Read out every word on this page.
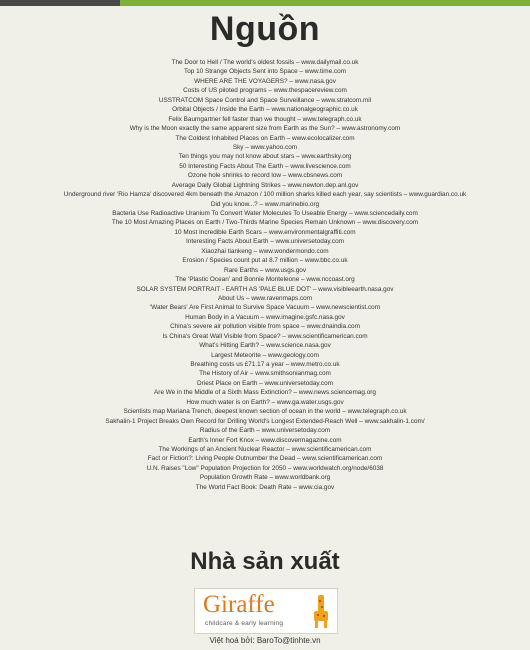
Nguồn
The Door to Hell / The world's oldest fossils – www.dailymail.co.uk
Top 10 Strange Objects Sent into Space – www.time.com
WHERE ARE THE VOYAGERS? – www.nasa.gov
Costs of US piloted programs – www.thespacereview.com
USSTRATCOM Space Control and Space Surveillance – www.stratcom.mil
Orbital Objects / Inside the Earth – www.nationalgeographic.co.uk
Felix Baumgartner fell faster than we thought – www.telegraph.co.uk
Why is the Moon exactly the same apparent size from Earth as the Sun? – www.astronomy.com
The Coldest Inhabited Places on Earth – www.ecolocalizer.com
Sky – www.yahoo.com
Ten things you may not know about stars – www.earthsky.org
50 Interesting Facts About The Earth – www.livescience.com
Ozone hole shrinks to record low – www.cbsnews.com
Average Daily Global Lightning Strikes – www.newton.dep.anl.gov
Underground river 'Rio Hamza' discovered 4km beneath the Amazon / 100 million sharks killed each year, say scientists – www.guardian.co.uk
Did you know...? – www.marinebio.org
Bacteria Use Radioactive Uranium To Convert Water Molecules To Useable Energy – www.sciencedaily.com
The 10 Most Amazing Places on Earth / Two-Thirds Marine Species Remain Unknown – www.discovery.com
10 Most Incredible Earth Scars – www.environmentalgraffiti.com
Interesting Facts About Earth – www.universetoday.com
Xiaozhai tiankeng – www.wondermondo.com
Erosion / Species count put at 8.7 million – www.bbc.co.uk
Rare Earths – www.usgs.gov
The 'Plastic Ocean' and Bonnie Monteleone – www.nccoast.org
SOLAR SYSTEM PORTRAIT - EARTH AS 'PALE BLUE DOT' – www.visibleearth.nasa.gov
About Us – www.ravenmaps.com
'Water Bears' Are First Animal to Survive Space Vacuum – www.newscientist.com
Human Body in a Vacuum – www.imagine.gsfc.nasa.gov
China's severe air pollution visible from space – www.dnaindia.com
Is China's Great Wall Visible from Space? – www.scientificamerican.com
What's Hitting Earth? – www.science.nasa.gov
Largest Meteorite – www.geology.com
Breathing costs us £71.17 a year – www.metro.co.uk
The History of Air – www.smithsonianmag.com
Driest Place on Earth – www.universetoday.com
Are We in the Middle of a Sixth Mass Extinction? – www.news.sciencemag.org
How much water is on Earth? – www.ga.water.usgs.gov
Scientists map Mariana Trench, deepest known section of ocean in the world – www.telegraph.co.uk
Sakhalin-1 Project Breaks Own Record for Drilling World's Longest Extended-Reach Well – www.sakhalin-1.com/
Radius of the Earth – www.universetoday.com
Earth's Inner Fort Knox – www.discovermagazine.com
The Workings of an Ancient Nuclear Reactor – www.scientificamerican.com
Fact or Fiction?: Living People Outnumber the Dead – www.scientificamerican.com
U.N. Raises "Low" Population Projection for 2050 – www.worldwatch.org/node/6038
Population Growth Rate – www.worldbank.org
The World Fact Book: Death Rate – www.cia.gov
Nhà sản xuất
Giraffe
childcare & early learning
Việt hoá bởi: BaroTo@tinhte.vn
